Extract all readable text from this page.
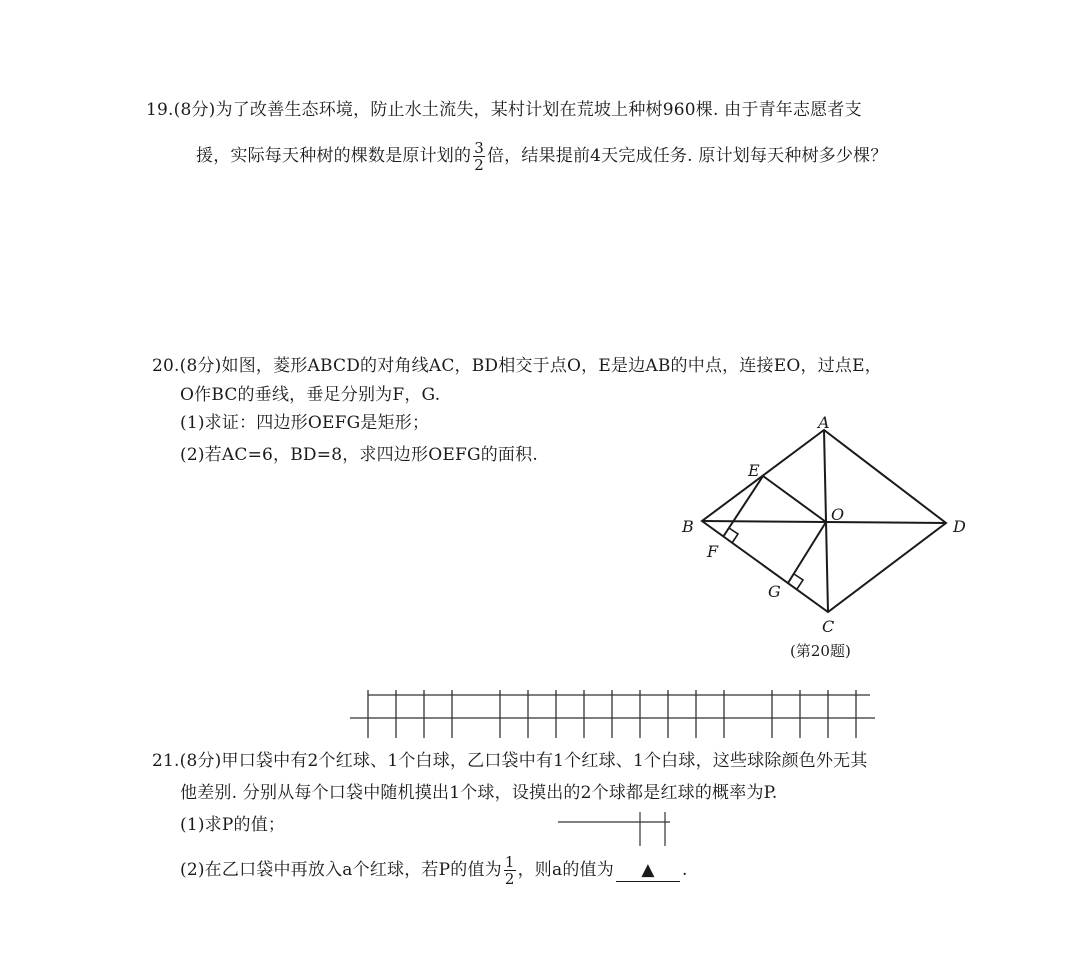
19.(8分)为了改善生态环境，防止水土流失，某村计划在荒坡上种树960棵. 由于青年志愿者支
援，实际每天种树的棵数是原计划的 $\frac{3}{2}$ 倍，结果提前4天完成任务. 原计划每天种树多少棵？
20.(8分)如图，菱形ABCD的对角线AC，BD相交于点O，E是边AB的中点，连接EO，过点E，
O作BC的垂线，垂足分别为F，G.
(1)求证：四边形OEFG是矩形；
(2)若AC=6，BD=8，求四边形OEFG的面积.
A
B
C
D
E
F
G
O
(第20题)
21.(8分)甲口袋中有2个红球、1个白球，乙口袋中有1个红球、1个白球，这些球除颜色外无其
他差别. 分别从每个口袋中随机摸出1个球，设摸出的2个球都是红球的概率为P.
(1)求P的值；
(2)在乙口袋中再放入a个红球，若P的值为 $\frac{1}{2}$ ，则a的值为 ▲ .
